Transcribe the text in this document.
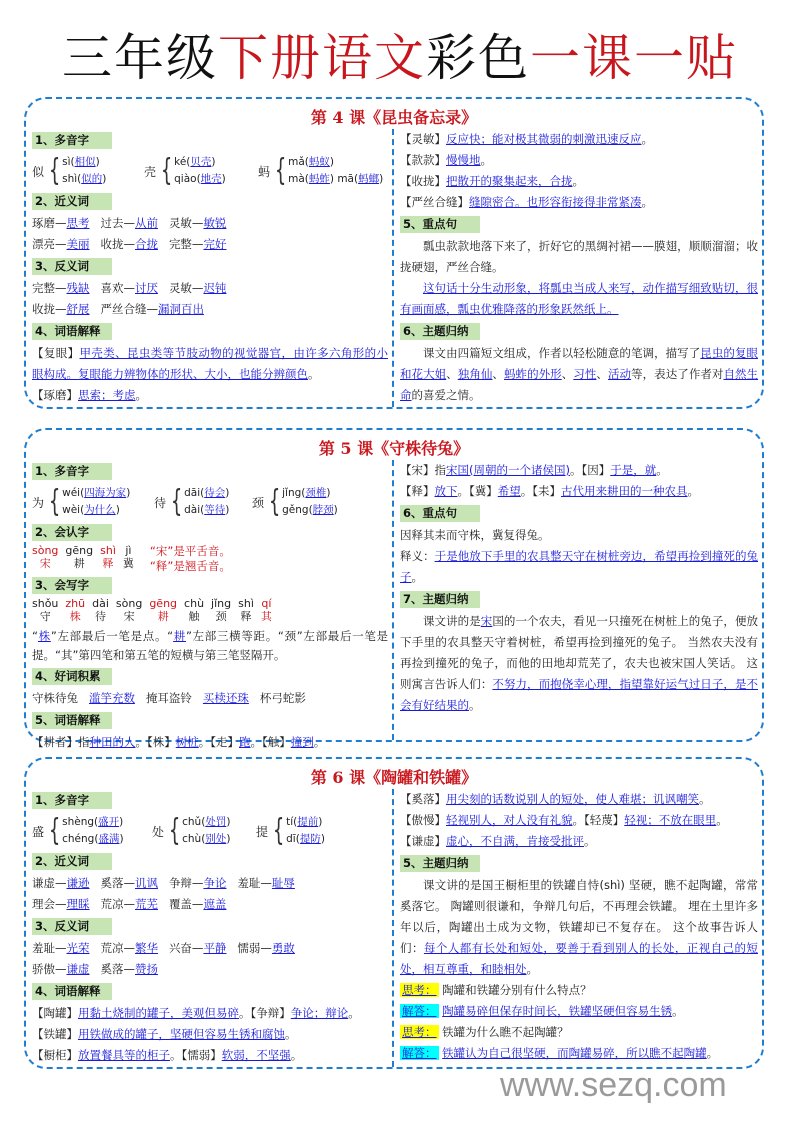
三年级下册语文彩色一课一贴
第 4 课《昆虫备忘录》
1、多音字
似 { sì(相似)
shì(似的)
壳 { ké(贝壳)
qiào(地壳)
蚂 { mǎ(蚂蚁)
mà(蚂蚱) mā(蚂螂)
2、近义词
琢磨—思考 过去—从前 灵敏—敏锐
漂亮—美丽 收拢—合拢 完整—完好
3、反义词
完整—残缺 喜欢—讨厌 灵敏—迟钝
收拢—舒展 严丝合缝—漏洞百出
4、词语解释
【复眼】甲壳类、昆虫类等节肢动物的视觉器官，由许多六角形的小眼构成。复眼能力辨物体的形状、大小，也能分辨颜色。
【琢磨】思索；考虑。
【灵敏】反应快；能对极其微弱的刺激迅速反应。
【款款】慢慢地。
【收拢】把散开的聚集起来，合拢。
【严丝合缝】缝隙密合。也形容衔接得非常紧凑。
5、重点句
瓢虫款款地落下来了，折好它的黑绸衬裙——膜翅，顺顺溜溜；收拢硬翅，严丝合缝。
这句话十分生动形象，将瓢虫当成人来写，动作描写细致贴切，很有画面感，瓢虫优雅降落的形象跃然纸上。
6、主题归纳
课文由四篇短文组成，作者以轻松随意的笔调，描写了昆虫的复眼和花大姐、独角仙、蚂蚱的外形、习性、活动等，表达了作者对自然生命的喜爱之情。
第 5 课《守株待兔》
1、多音字
为 { wéi(四海为家)
wèi(为什么)
待 { dāi(待会)
dài(等待)
颈 { jǐng(颈椎)
gěng(脖颈)
2、会认字
sòng
宋
gēng
耕
shì
释
jì
冀
“宋”是平舌音。
“释”是翘舌音。
3、会写字
shǒu
守
zhū
株
dài
待
sòng
宋
gēng
耕
chù
触
jǐng
颈
shì
释
qí
其
“株”左部最后一笔是点。“耕”左部三横等距。“颈”左部最后一笔是提。“其”第四笔和第五笔的短横与第三笔竖隔开。
4、好词积累
守株待兔 滥竽充数 掩耳盗铃 买椟还珠 杯弓蛇影
5、词语解释
【耕者】指种田的人。【株】树桩。【走】跑。【触】撞到。
【宋】指宋国(周朝的一个诸侯国)。【因】于是，就。
【释】放下。【冀】希望。【耒】古代用来耕田的一种农具。
6、重点句
因释其耒而守株，冀复得兔。
释义：于是他放下手里的农具整天守在树桩旁边，希望再捡到撞死的兔子。
7、主题归纳
课文讲的是宋国的一个农夫，看见一只撞死在树桩上的兔子，便放下手里的农具整天守着树桩，希望再捡到撞死的兔子。 当然农夫没有再捡到撞死的兔子，而他的田地却荒芜了，农夫也被宋国人笑话。 这则寓言告诉人们：不努力，而抱侥幸心理，指望靠好运气过日子，是不会有好结果的。
第 6 课《陶罐和铁罐》
1、多音字
盛 { shèng(盛开)
chéng(盛满)
处 { chǔ(处罚)
chù(别处)
提 { tí(提前)
dī(提防)
2、近义词
谦虚—谦逊 奚落—讥讽 争辩—争论 羞耻—耻辱
理会—理睬 荒凉—荒芜 覆盖—遮盖
3、反义词
羞耻—光荣 荒凉—繁华 兴奋—平静 懦弱—勇敢
骄傲—谦虚 奚落—赞扬
4、词语解释
【陶罐】用黏土烧制的罐子，美观但易碎。【争辩】争论；辩论。
【铁罐】用铁做成的罐子，坚硬但容易生锈和腐蚀。
【橱柜】放置餐具等的柜子。【懦弱】软弱，不坚强。
【奚落】用尖刻的话数说别人的短处，使人难堪；讥讽嘲笑。
【傲慢】轻视别人，对人没有礼貌。【轻蔑】轻视；不放在眼里。
【谦虚】虚心，不自满，肯接受批评。
5、主题归纳
课文讲的是国王橱柜里的铁罐自恃(shì) 坚硬，瞧不起陶罐，常常奚落它。 陶罐则很谦和，争辩几句后，不再理会铁罐。 埋在土里许多年以后，陶罐出土成为文物，铁罐却已不复存在。 这个故事告诉人们：每个人都有长处和短处，要善于看到别人的长处，正视自己的短处，相互尊重，和睦相处。
思考： 陶罐和铁罐分别有什么特点？
解答： 陶罐易碎但保存时间长，铁罐坚硬但容易生锈。
思考： 铁罐为什么瞧不起陶罐？
解答： 铁罐认为自己很坚硬，而陶罐易碎，所以瞧不起陶罐。
www.sezq.com
